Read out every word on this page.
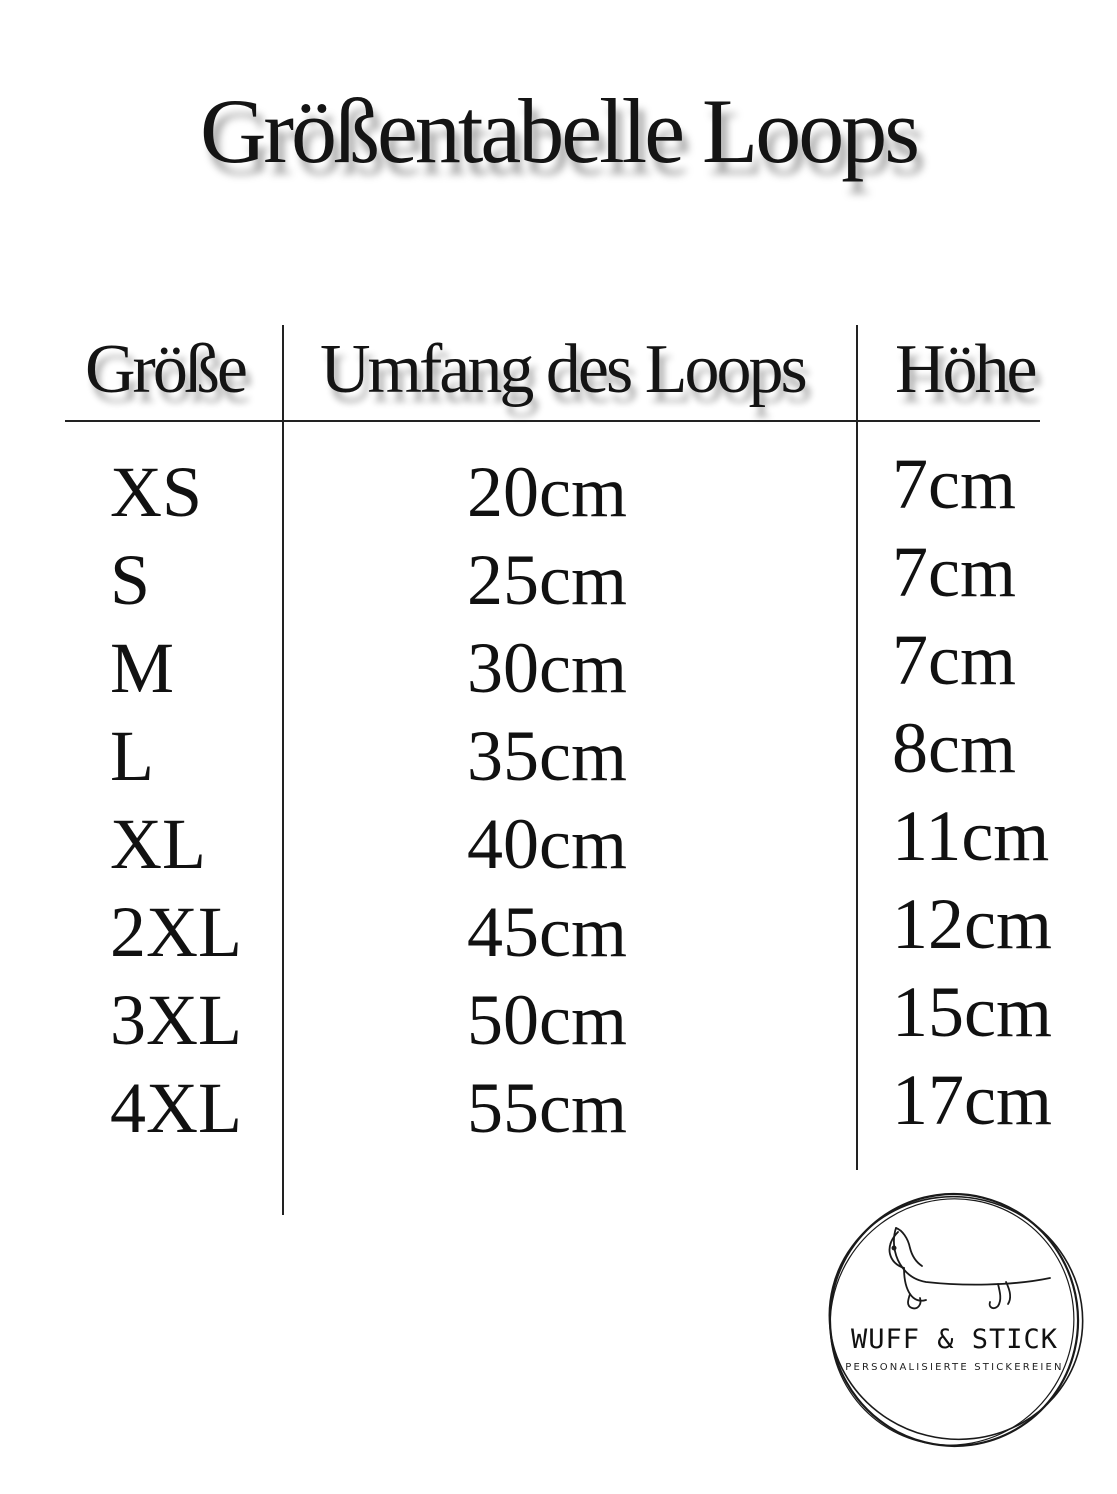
Größentabelle Loops
Größe Umfang des Loops Höhe
XS
S
M
L
XL
2XL
3XL
4XL
20cm
25cm
30cm
35cm
40cm
45cm
50cm
55cm
7cm
7cm
7cm
8cm
11cm
12cm
15cm
17cm
WUFF & STICK
PERSONALISIERTE STICKEREIEN
